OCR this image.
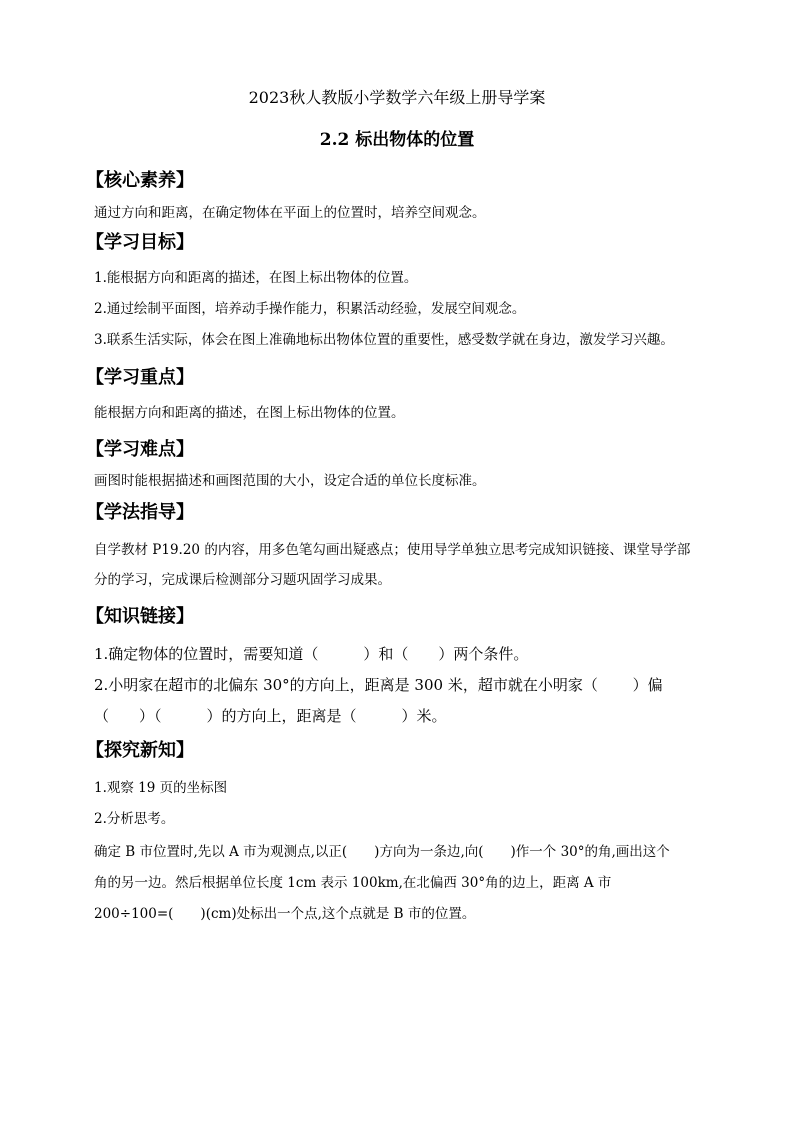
2023秋人教版小学数学六年级上册导学案
2.2 标出物体的位置
【核心素养】
通过方向和距离，在确定物体在平面上的位置时，培养空间观念。
【学习目标】
1.能根据方向和距离的描述，在图上标出物体的位置。
2.通过绘制平面图，培养动手操作能力，积累活动经验，发展空间观念。
3.联系生活实际，体会在图上准确地标出物体位置的重要性，感受数学就在身边，激发学习兴趣。
【学习重点】
能根据方向和距离的描述，在图上标出物体的位置。
【学习难点】
画图时能根据描述和画图范围的大小，设定合适的单位长度标准。
【学法指导】
自学教材 P19.20 的内容，用多色笔勾画出疑惑点；使用导学单独立思考完成知识链接、课堂导学部
分的学习，完成课后检测部分习题巩固学习成果。
【知识链接】
1.确定物体的位置时，需要知道（　　　）和（　　）两个条件。
2.小明家在超市的北偏东 30°的方向上，距离是 300 米，超市就在小明家（　　 ）偏
（　　）（　　　）的方向上，距离是（　　　）米。
【探究新知】
1.观察 19 页的坐标图
2.分析思考。
确定 B 市位置时,先以 A 市为观测点,以正(　　)方向为一条边,向(　　)作一个 30°的角,画出这个
角的另一边。然后根据单位长度 1cm 表示 100km,在北偏西 30°角的边上，距离 A 市
200÷100=(　　)(cm)处标出一个点,这个点就是 B 市的位置。
